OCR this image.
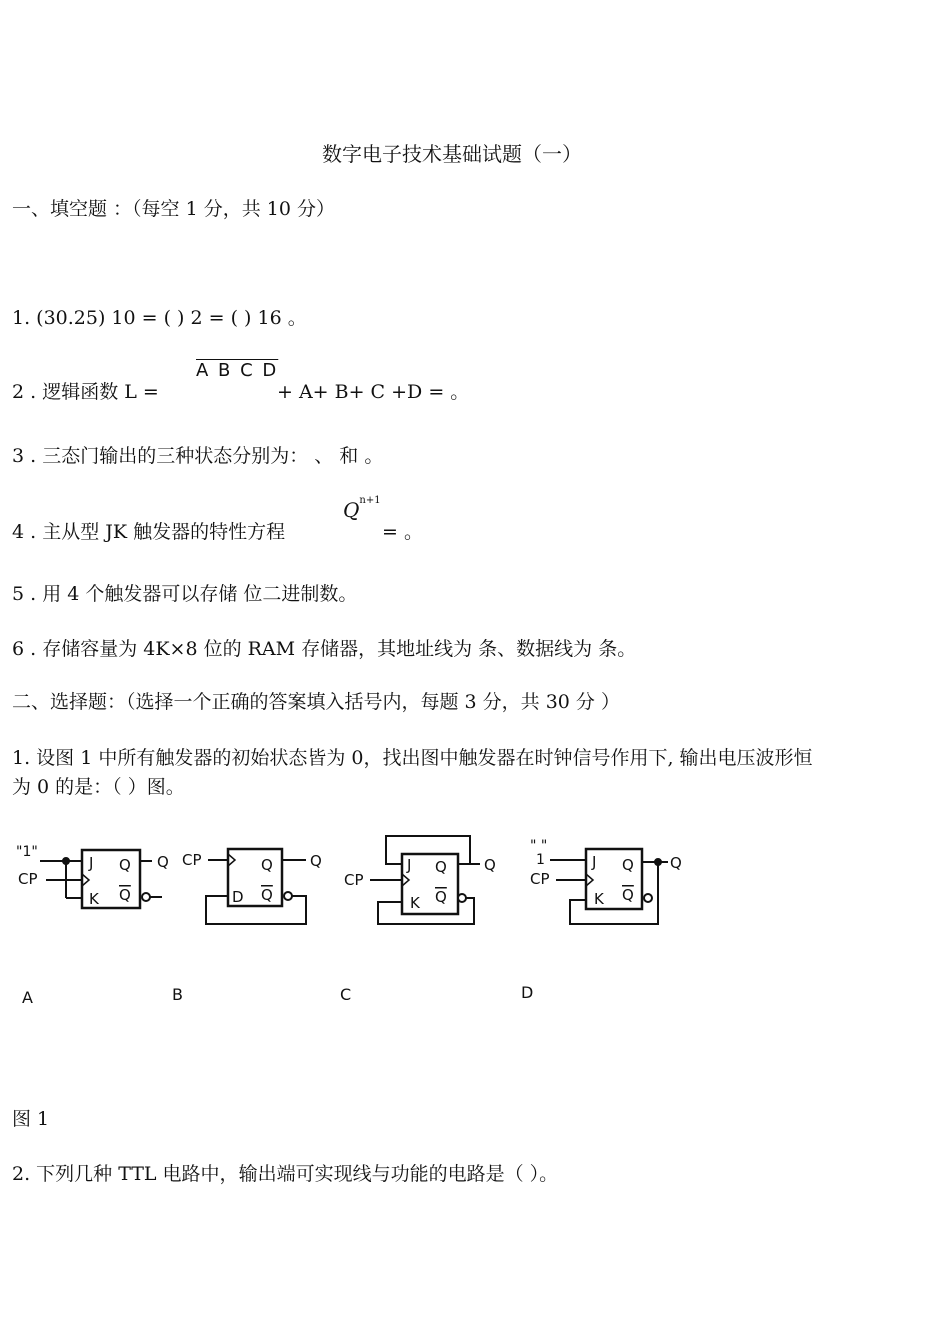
数字电子技术基础试题（一）
一、填空题 ：（每空 1 分，共 10 分）
1. (30.25) 10 = ( ) 2 = ( ) 16 。
2 . 逻辑函数 L =
A B C D
+ A+ B+ C +D = 。
3 . 三态门输出的三种状态分别为： 、 和 。
4 . 主从型 JK 触发器的特性方程
$Q^{n+1}$
= 。
5 . 用 4 个触发器可以存储 位二进制数。
6 . 存储容量为 4K×8 位的 RAM 存储器，其地址线为 条、数据线为 条。
二、选择题：（选择一个正确的答案填入括号内，每题 3 分，共 30 分 ）
1. 设图 1 中所有触发器的初始状态皆为 0，找出图中触发器在时钟信号作用下, 输出电压波形恒
为 0 的是：（ ）图。
"1"
CP
J
K
Q
Q
Q CP
D
Q
Q
Q
CP
Q
J
K
Q
Q
" "
1
CP
J
K
Q
Q
Q
A	B	C	D
图 1
2. 下列几种 TTL 电路中，输出端可实现线与功能的电路是（ ）。
